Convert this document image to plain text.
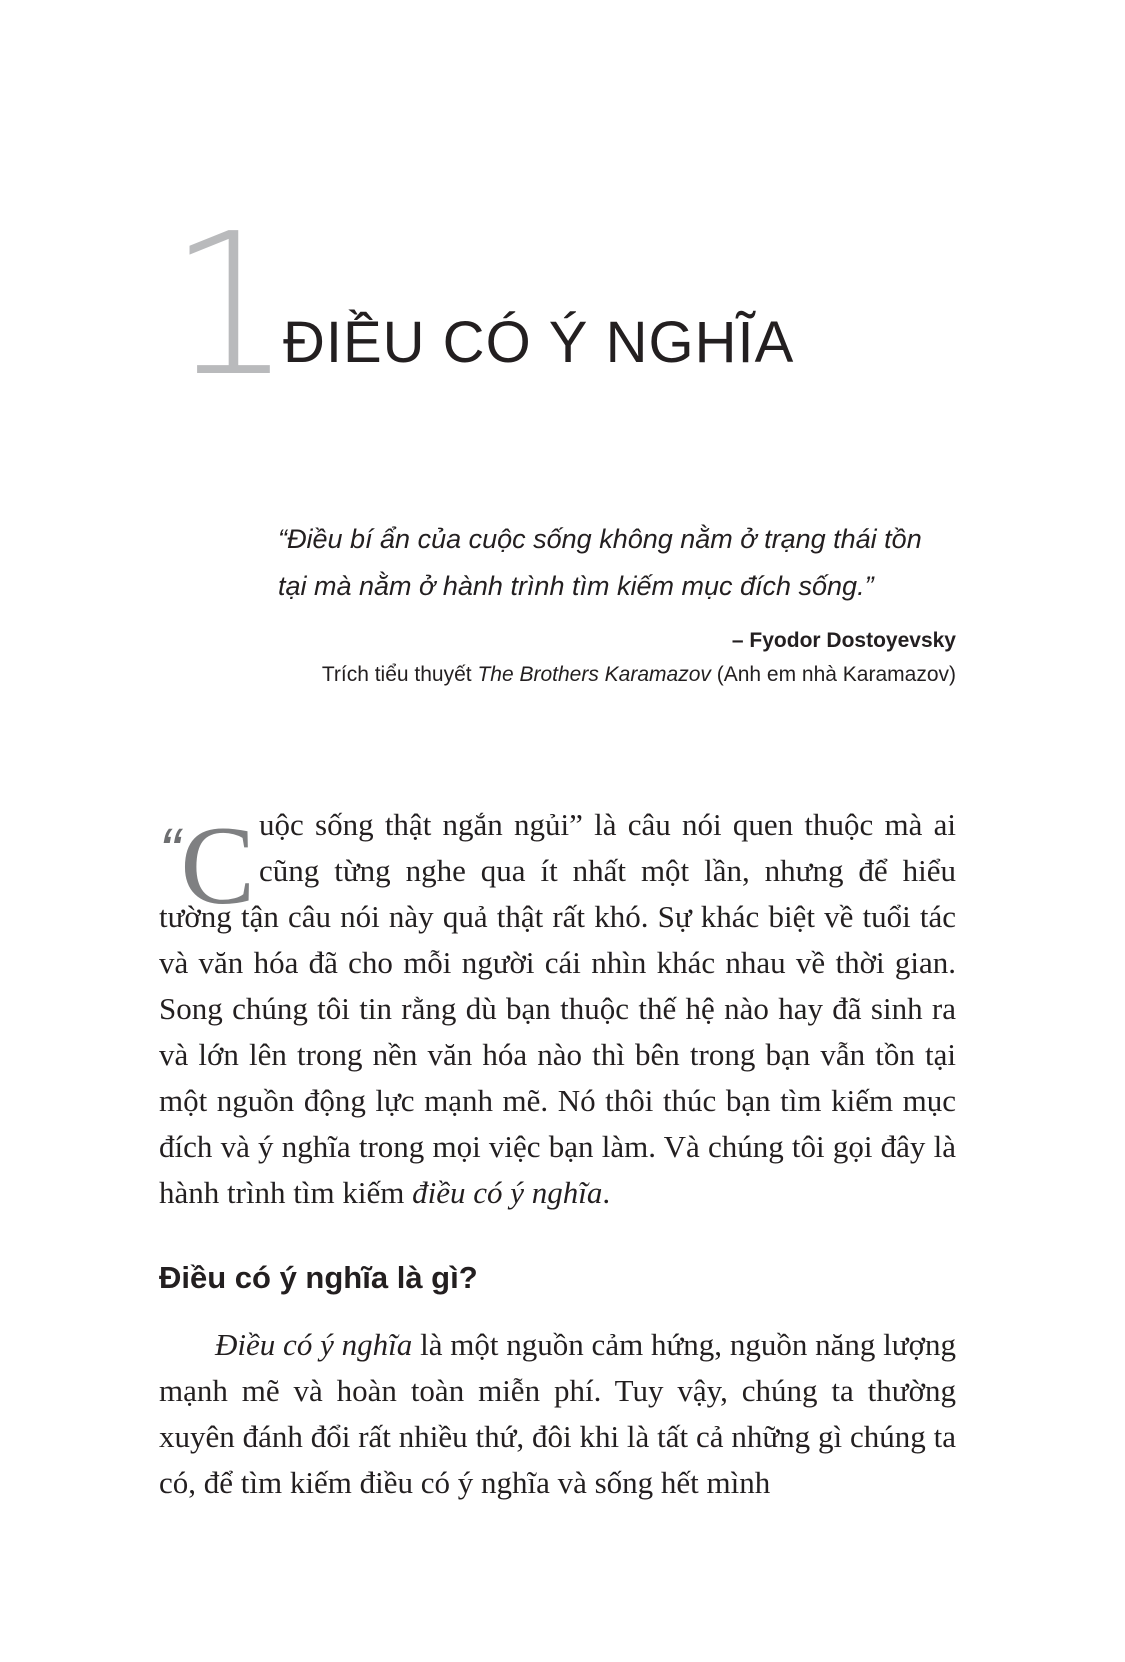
1
ĐIỀU CÓ Ý NGHĨA

“Điều bí ẩn của cuộc sống không nằm ở trạng thái tồn tại mà nằm ở hành trình tìm kiếm mục đích sống.”

– Fyodor Dostoyevsky
Trích tiểu thuyết The Brothers Karamazov (Anh em nhà Karamazov)

“C uộc sống thật ngắn ngủi” là câu nói quen thuộc mà ai cũng từng nghe qua ít nhất một lần, nhưng để hiểu tường tận câu nói này quả thật rất khó. Sự khác biệt về tuổi tác và văn hóa đã cho mỗi người cái nhìn khác nhau về thời gian. Song chúng tôi tin rằng dù bạn thuộc thế hệ nào hay đã sinh ra và lớn lên trong nền văn hóa nào thì bên trong bạn vẫn tồn tại một nguồn động lực mạnh mẽ. Nó thôi thúc bạn tìm kiếm mục đích và ý nghĩa trong mọi việc bạn làm. Và chúng tôi gọi đây là hành trình tìm kiếm điều có ý nghĩa.

Điều có ý nghĩa là gì?

Điều có ý nghĩa là một nguồn cảm hứng, nguồn năng lượng mạnh mẽ và hoàn toàn miễn phí. Tuy vậy, chúng ta thường xuyên đánh đổi rất nhiều thứ, đôi khi là tất cả những gì chúng ta có, để tìm kiếm điều có ý nghĩa và sống hết mình
